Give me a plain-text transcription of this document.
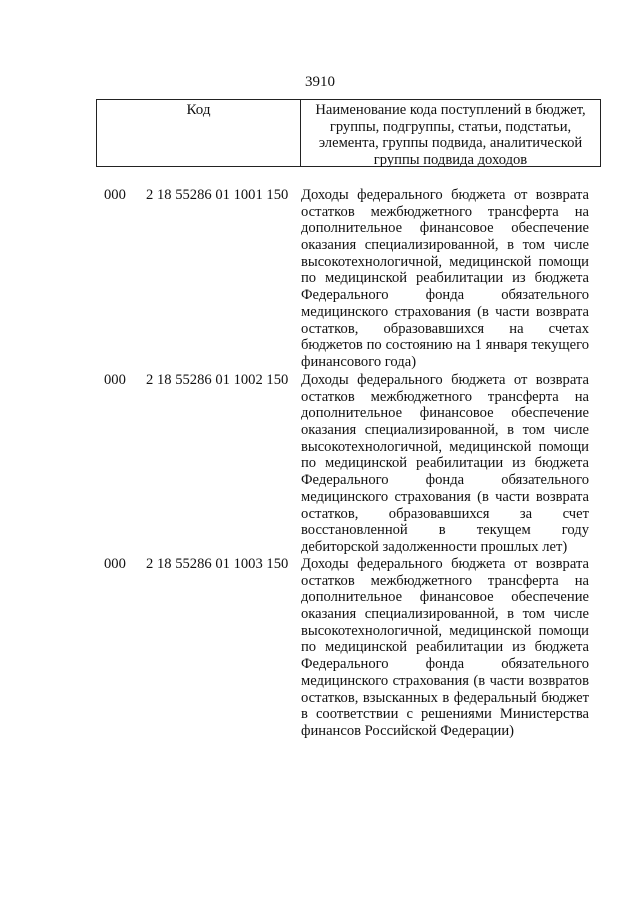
3910
Код	Наименование кода поступлений в бюджет,
группы, подгруппы, статьи, подстатьи,
элемента, группы подвида, аналитической
группы подвида доходов
000 2 18 55286 01 1001 150 Доходы федерального бюджета от возврата
остатков межбюджетного трансферта на
дополнительное финансовое обеспечение
оказания специализированной, в том числе
высокотехнологичной, медицинской помощи
по медицинской реабилитации из бюджета
Федерального фонда обязательного
медицинского страхования (в части возврата
остатков, образовавшихся на счетах
бюджетов по состоянию на 1 января текущего
финансового года)
000 2 18 55286 01 1002 150 Доходы федерального бюджета от возврата
остатков межбюджетного трансферта на
дополнительное финансовое обеспечение
оказания специализированной, в том числе
высокотехнологичной, медицинской помощи
по медицинской реабилитации из бюджета
Федерального фонда обязательного
медицинского страхования (в части возврата
остатков, образовавшихся за счет
восстановленной в текущем году
дебиторской задолженности прошлых лет)
000 2 18 55286 01 1003 150 Доходы федерального бюджета от возврата
остатков межбюджетного трансферта на
дополнительное финансовое обеспечение
оказания специализированной, в том числе
высокотехнологичной, медицинской помощи
по медицинской реабилитации из бюджета
Федерального фонда обязательного
медицинского страхования (в части возвратов
остатков, взысканных в федеральный бюджет
в соответствии с решениями Министерства
финансов Российской Федерации)
